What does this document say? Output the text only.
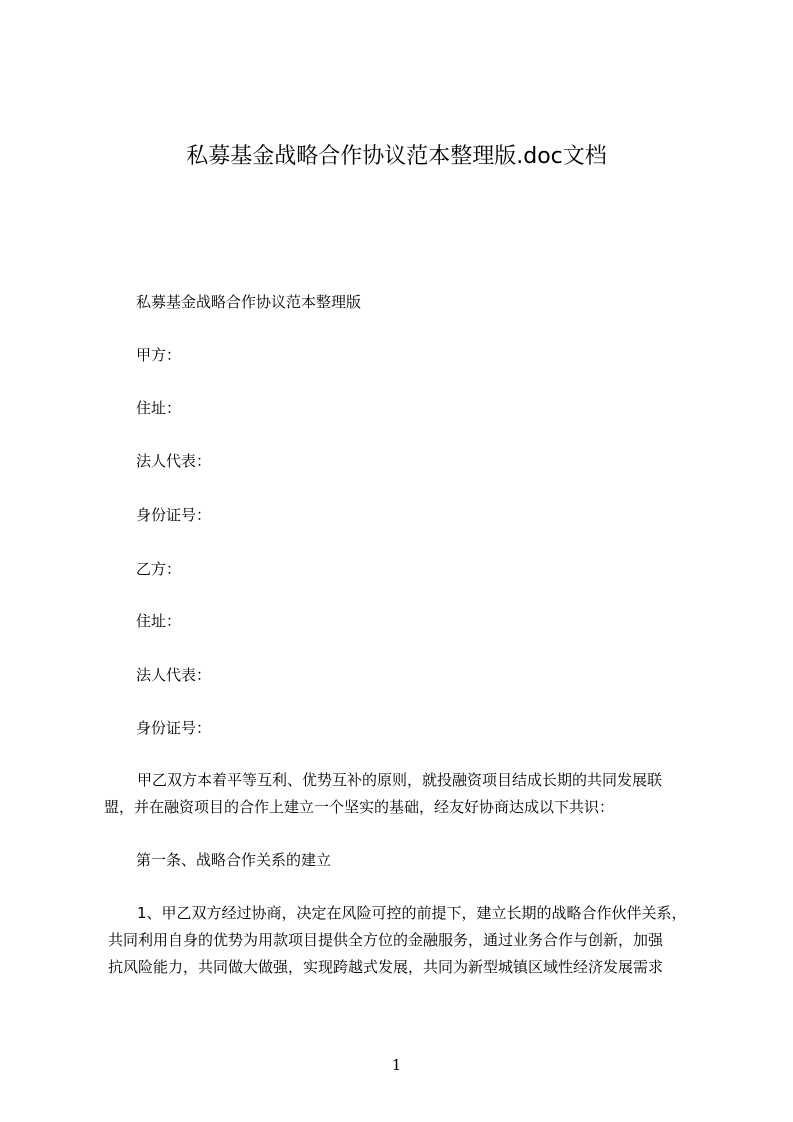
私募基金战略合作协议范本整理版.doc文档
私募基金战略合作协议范本整理版
甲方：
住址：
法人代表：
身份证号：
乙方：
住址：
法人代表：
身份证号：
甲乙双方本着平等互利、优势互补的原则，就投融资项目结成长期的共同发展联
盟，并在融资项目的合作上建立一个坚实的基础，经友好协商达成以下共识：
第一条、战略合作关系的建立
1、甲乙双方经过协商，决定在风险可控的前提下，建立长期的战略合作伙伴关系，
共同利用自身的优势为用款项目提供全方位的金融服务，通过业务合作与创新，加强
抗风险能力，共同做大做强，实现跨越式发展，共同为新型城镇区域性经济发展需求
1
